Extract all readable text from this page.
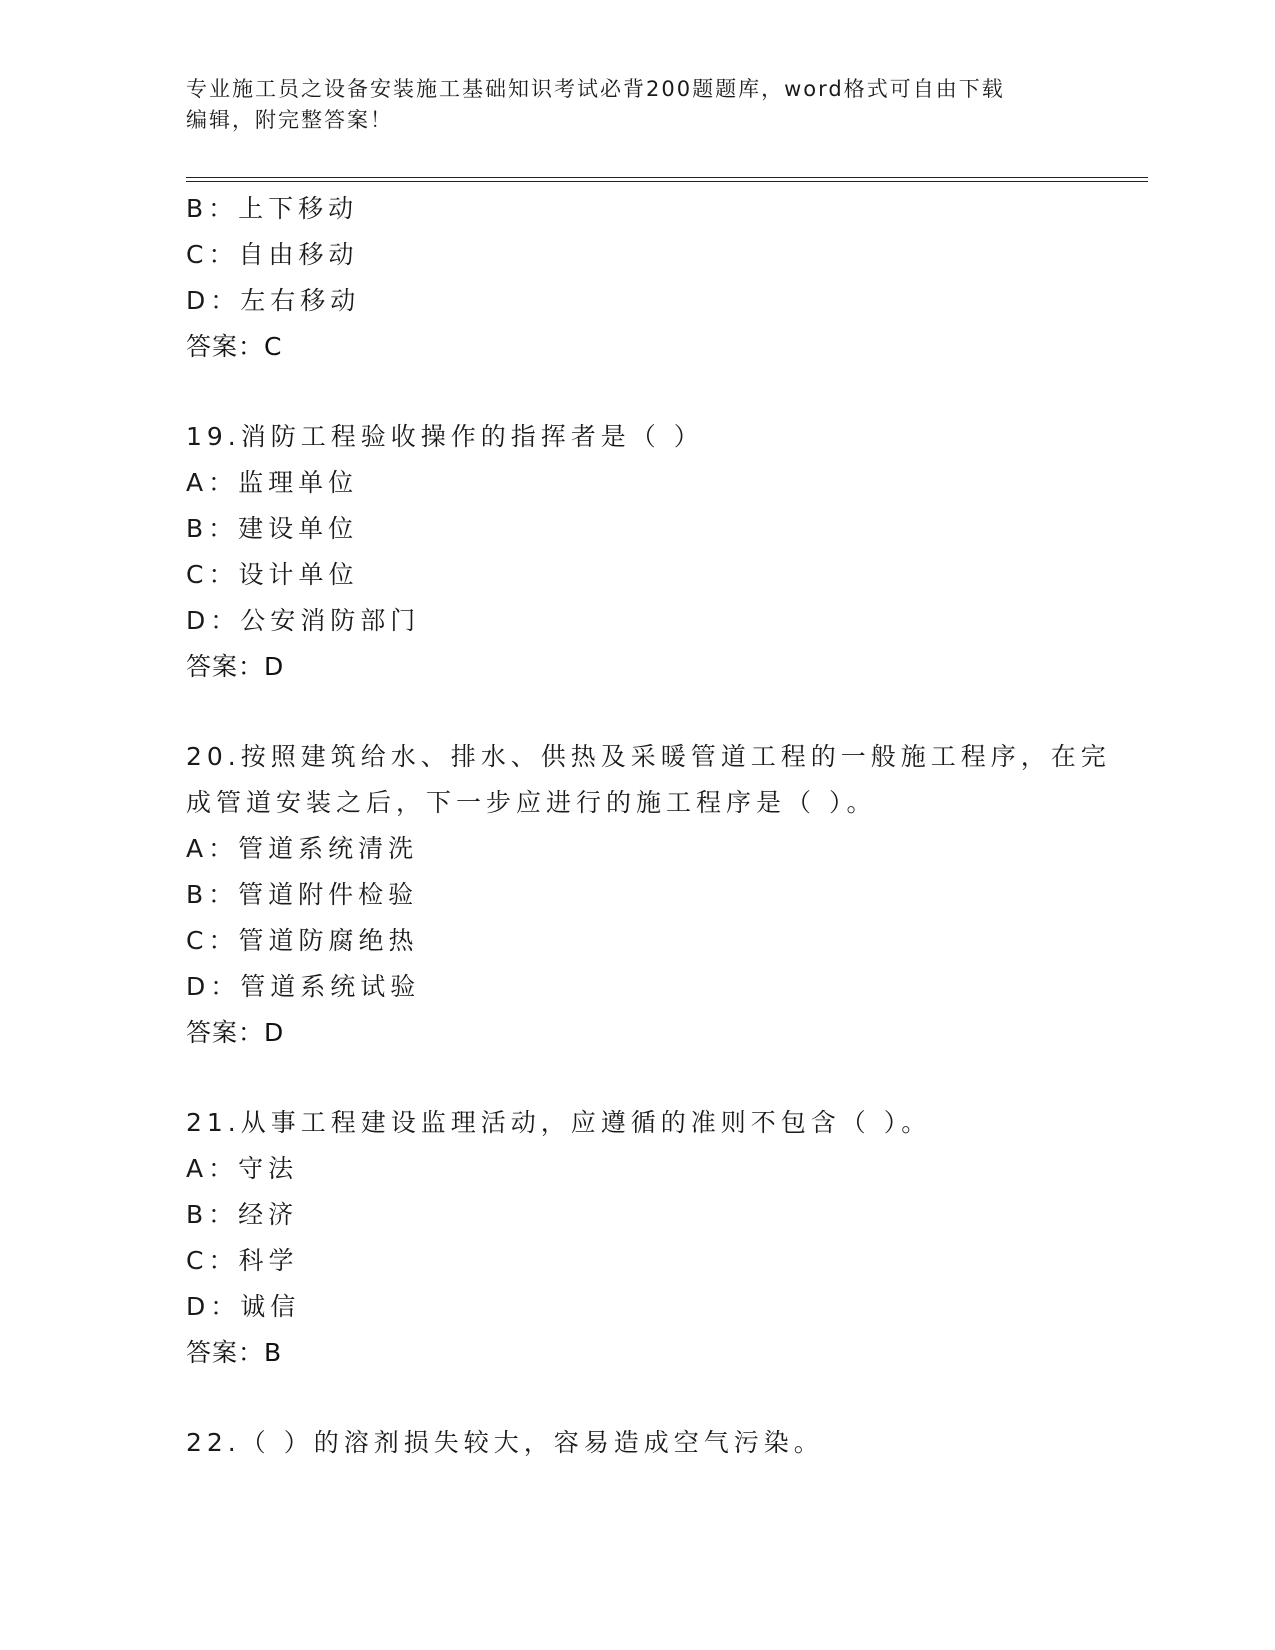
专业施工员之设备安装施工基础知识考试必背200题题库，word格式可自由下载
编辑，附完整答案！
B：上下移动
C：自由移动
D：左右移动
答案：C
19.消防工程验收操作的指挥者是（ ）
A：监理单位
B：建设单位
C：设计单位
D：公安消防部门
答案：D
20.按照建筑给水、排水、供热及采暖管道工程的一般施工程序，在完
成管道安装之后，下一步应进行的施工程序是（ ）。
A：管道系统清洗
B：管道附件检验
C：管道防腐绝热
D：管道系统试验
答案：D
21.从事工程建设监理活动，应遵循的准则不包含（ ）。
A：守法
B：经济
C：科学
D：诚信
答案：B
22.（ ）的溶剂损失较大，容易造成空气污染。
